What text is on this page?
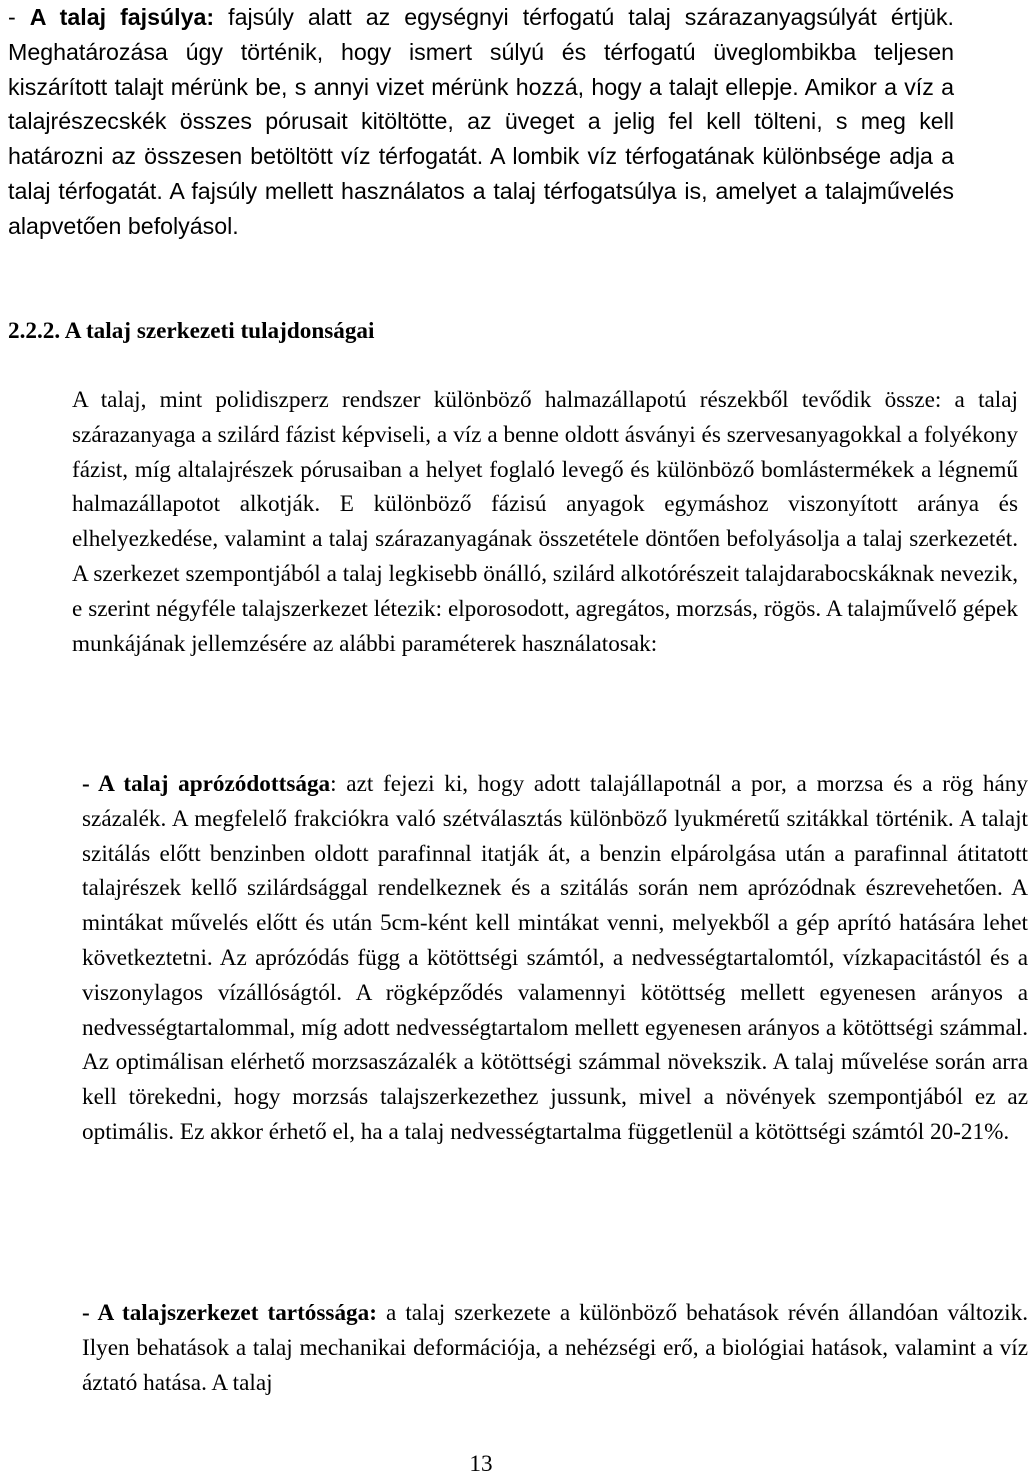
- A talaj fajsúlya: fajsúly alatt az egységnyi térfogatú talaj szárazanyagsúlyát értjük. Meghatározása úgy történik, hogy ismert súlyú és térfogatú üveglombikba teljesen kiszárított talajt mérünk be, s annyi vizet mérünk hozzá, hogy a talajt ellepje. Amikor a víz a talajrészecskék összes pórusait kitöltötte, az üveget a jelig fel kell tölteni, s meg kell határozni az összesen betöltött víz térfogatát. A lombik víz térfogatának különbsége adja a talaj térfogatát. A fajsúly mellett használatos a talaj térfogatsúlya is, amelyet a talajművelés alapvetően befolyásol.

2.2.2. A talaj szerkezeti tulajdonságai

A talaj, mint polidiszperz rendszer különböző halmazállapotú részekből tevődik össze: a talaj szárazanyaga a szilárd fázist képviseli, a víz a benne oldott ásványi és szervesanyagokkal a folyékony fázist, míg altalajrészek pórusaiban a helyet foglaló levegő és különböző bomlástermékek a légnemű halmazállapotot alkotják. E különböző fázisú anyagok egymáshoz viszonyított aránya és elhelyezkedése, valamint a talaj szárazanyagának összetétele döntően befolyásolja a talaj szerkezetét. A szerkezet szempontjából a talaj legkisebb önálló, szilárd alkotórészeit talajdarabocskáknak nevezik, e szerint négyféle talajszerkezet létezik: elporosodott, agregátos, morzsás, rögös. A talajművelő gépek munkájának jellemzésére az alábbi paraméterek használatosak:

- A talaj aprózódottsága: azt fejezi ki, hogy adott talajállapotnál a por, a morzsa és a rög hány százalék. A megfelelő frakciókra való szétválasztás különböző lyukméretű szitákkal történik. A talajt szitálás előtt benzinben oldott parafinnal itatják át, a benzin elpárolgása után a parafinnal átitatott talajrészek kellő szilárdsággal rendelkeznek és a szitálás során nem aprózódnak észrevehetően. A mintákat művelés előtt és után 5cm-ként kell mintákat venni, melyekből a gép aprító hatására lehet következtetni. Az aprózódás függ a kötöttségi számtól, a nedvességtartalomtól, vízkapacitástól és a viszonylagos vízállóságtól. A rögképződés valamennyi kötöttség mellett egyenesen arányos a nedvességtartalommal, míg adott nedvességtartalom mellett egyenesen arányos a kötöttségi számmal. Az optimálisan elérhető morzsaszázalék a kötöttségi számmal növekszik. A talaj művelése során arra kell törekedni, hogy morzsás talajszerkezethez jussunk, mivel a növények szempontjából ez az optimális. Ez akkor érhető el, ha a talaj nedvességtartalma függetlenül a kötöttségi számtól 20-21%.

- A talajszerkezet tartóssága: a talaj szerkezete a különböző behatások révén állandóan változik. Ilyen behatások a talaj mechanikai deformációja, a nehézségi erő, a biológiai hatások, valamint a víz áztató hatása. A talaj

13
